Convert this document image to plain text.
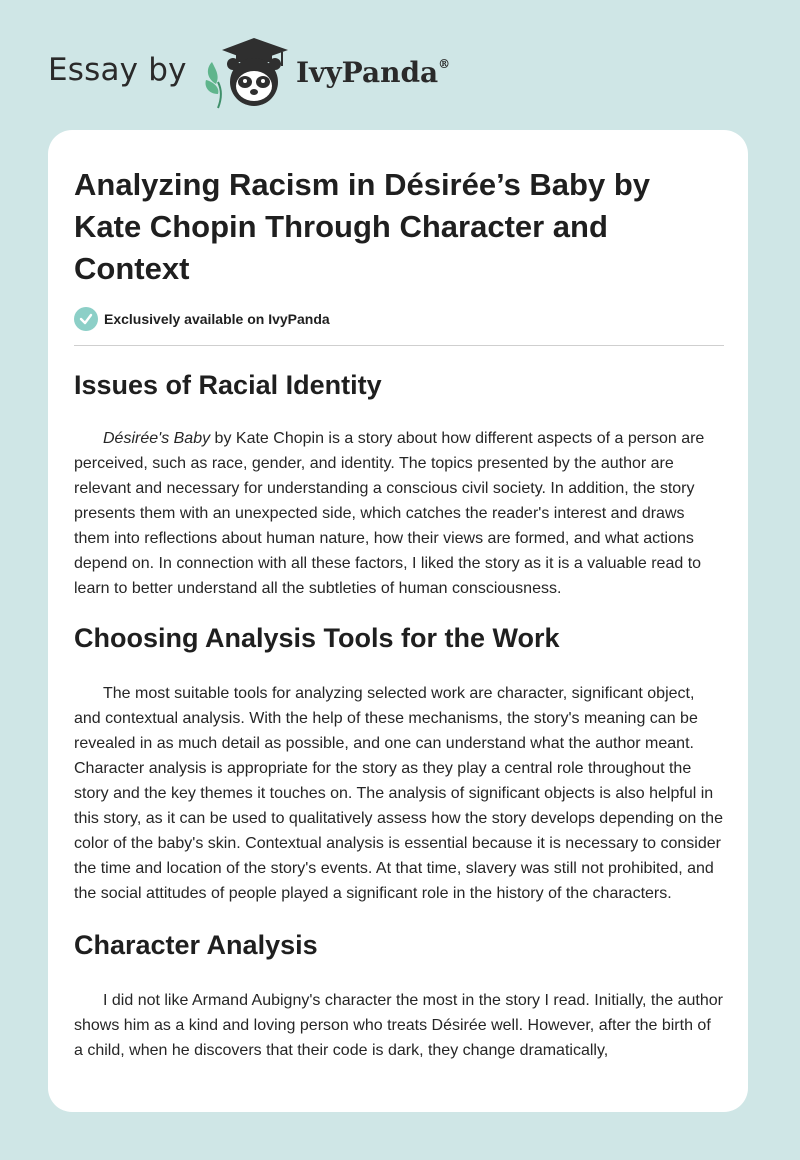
Essay by	IvyPanda®
Analyzing Racism in Désirée’s Baby by Kate Chopin Through Character and Context
Exclusively available on IvyPanda
Issues of Racial Identity

Désirée's Baby by Kate Chopin is a story about how different aspects of a person are perceived, such as race, gender, and identity. The topics presented by the author are relevant and necessary for understanding a conscious civil society. In addition, the story presents them with an unexpected side, which catches the reader's interest and draws them into reflections about human nature, how their views are formed, and what actions depend on. In connection with all these factors, I liked the story as it is a valuable read to learn to better understand all the subtleties of human consciousness.

Choosing Analysis Tools for the Work

The most suitable tools for analyzing selected work are character, significant object, and contextual analysis. With the help of these mechanisms, the story's meaning can be revealed in as much detail as possible, and one can understand what the author meant. Character analysis is appropriate for the story as they play a central role throughout the story and the key themes it touches on. The analysis of significant objects is also helpful in this story, as it can be used to qualitatively assess how the story develops depending on the color of the baby's skin. Contextual analysis is essential because it is necessary to consider the time and location of the story's events. At that time, slavery was still not prohibited, and the social attitudes of people played a significant role in the history of the characters.

Character Analysis

I did not like Armand Aubigny's character the most in the story I read. Initially, the author shows him as a kind and loving person who treats Désirée well. However, after the birth of a child, when he discovers that their code is dark, they change dramatically,
